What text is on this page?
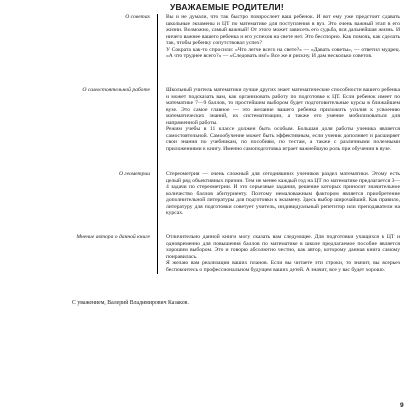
УВАЖАЕМЫЕ РОДИТЕЛИ!
О советах	Вы и не думали, что так быстро повзрослеет ваш ребенок. И вот ему уже предстоит сдавать школьные экзамены и ЦТ по математике для поступления в вуз. Это очень важный этап в его жизни. Возможно, самый важный! От этого может зависеть его судьба, вся дальнейшая жизнь. И ничего важнее вашего ребенка и его успехов на свете нет. Это бесспорно. Как помочь, как сделать так, чтобы ребенку сопутствовал успех?

У Сократа как-то спросили: «Что легче всего на свете?» — «Давать советы», — ответил мудрец. «А что труднее всего?» — «Следовать им!» Все же я рискну. И дам несколько советов.

О самостоятельной работе	Школьный учитель математики лучше других знает математические способности вашего ребенка и может подсказать вам, как организовать работу по подготовке к ЦТ. Если ребенок имеет по математике 7—9 баллов, то простейшим выбором будет подготовительные курсы в ближайшем вузе. Это самое главное — это желание вашего ребенка приложить усилия к усвоению математических знаний, их систематизации, а также его умение мобилизоваться для напряженной работы.

Режим учебы в 11 классе должен быть особым. Большая доля работы ученика является самостоятельной. Самообучение может быть эффективным, если ученик дополняет и расширяет свои знания по учебникам, по пособиям, по тестам, а также с различными полезными приложениями к книгу. Именно самоподготовка играет важнейшую роль при обучении в вузе.

О геометрии	Стереометрия — очень сложный для сегодняшних учеников раздел математики. Этому есть целый ряд объективных причин. Тем не менее каждый год на ЦТ по математике предлагается 3—4 задачи по стереометрии. И это серьезные задания, решение которых приносит значительное количество баллов абитуриенту. Поэтому немаловажным фактором является приобретение дополнительной литературы для подготовки к экзамену. Здесь выбор широчайший. Как правило, литературу для подготовки советует учитель, индивидуальный репетитор или преподаватели на курсах.

Мнение автора о данной книге	Отличительно данной книги могу сказать вам следующее. Для подготовки учащихся к ЦТ и одновременно для повышения баллов по математике в школе предлагаемое пособие является хорошим выбором. Это и говорю абсолютно честно, как автор, которому данная книга самому понравилась.

Я желаю вам реализации ваших планов. Если вы читаете эти строки, то значит, вы всерьез беспокоитесь о профессиональном будущем ваших детей. А значит, все у вас будет хорошо.

С уважением, Валерий Владимирович Казаков.
9
